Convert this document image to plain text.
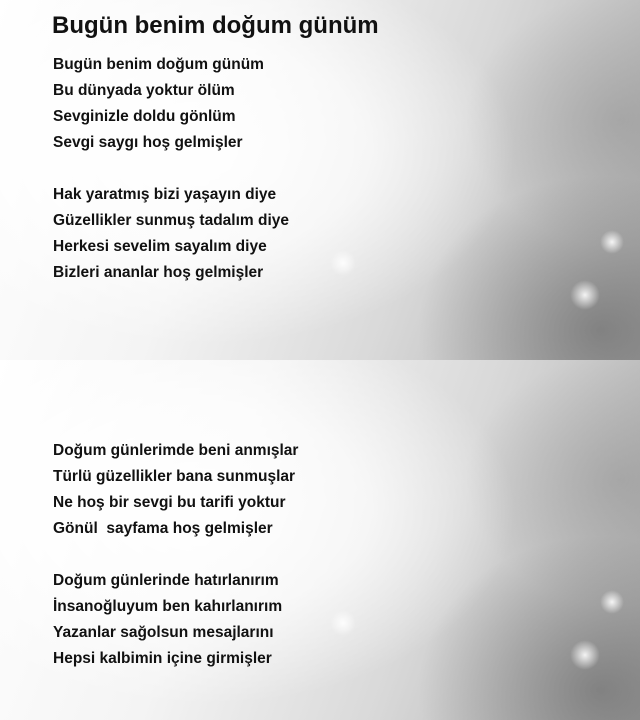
Bugün benim doğum günüm
Bugün benim doğum günüm
Bu dünyada yoktur ölüm
Sevginizle doldu gönlüm
Sevgi saygı hoş gelmişler
Hak yaratmış bizi yaşayın diye
Güzellikler sunmuş tadalım diye
Herkesi sevelim sayalım diye
Bizleri ananlar hoş gelmişler
Doğum günlerimde beni anmışlar
Türlü güzellikler bana sunmuşlar
Ne hoş bir sevgi bu tarifi yoktur
Gönül  sayfama hoş gelmişler
Doğum günlerinde hatırlanırım
İnsanoğluyum ben kahırlanırım
Yazanlar sağolsun mesajlarını
Hepsi kalbimin içine girmişler
